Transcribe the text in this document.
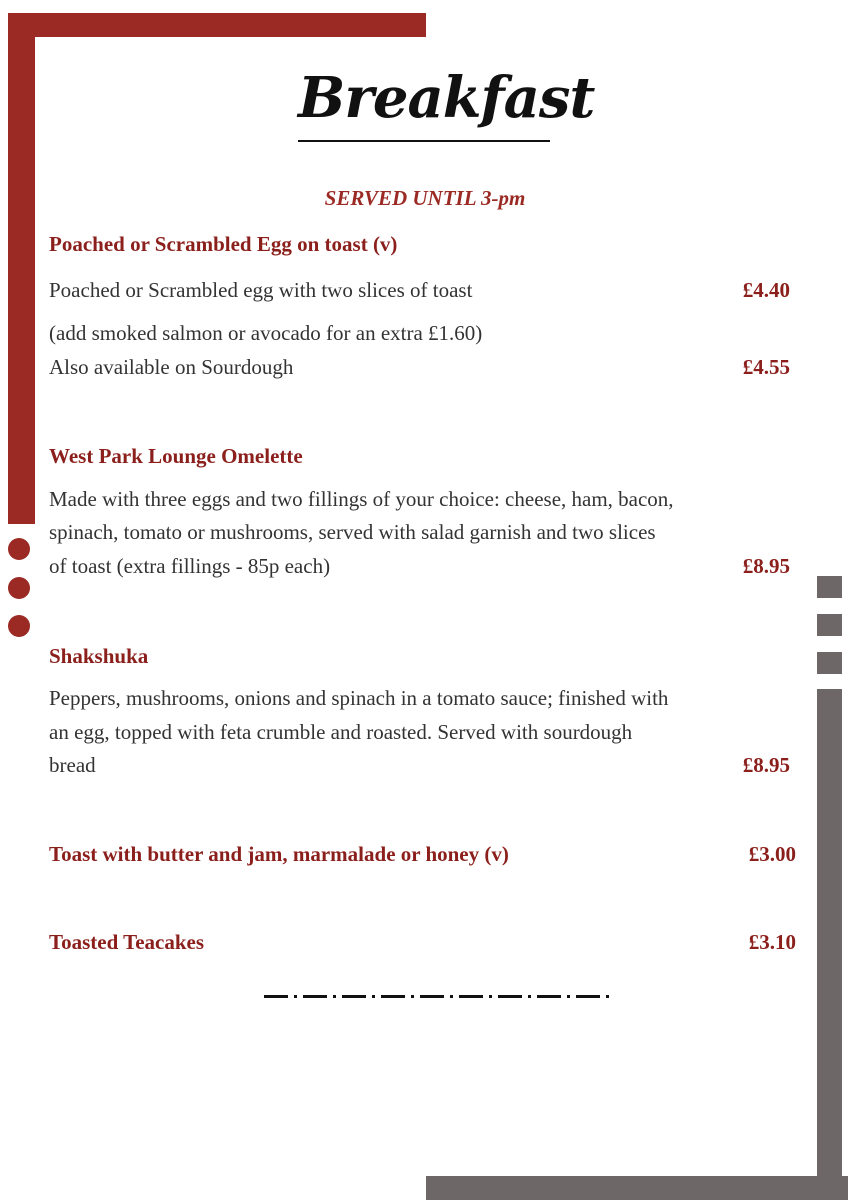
Breakfast
SERVED UNTIL 3-pm
Poached or Scrambled Egg on toast (v)
Poached or Scrambled egg with two slices of toast	£4.40
(add smoked salmon or avocado for an extra £1.60)
Also available on Sourdough	£4.55
West Park Lounge Omelette
Made with three eggs and two fillings of your choice: cheese, ham, bacon,
spinach, tomato or mushrooms, served with salad garnish and two slices
of toast (extra fillings - 85p each)	£8.95
Shakshuka
Peppers, mushrooms, onions and spinach in a tomato sauce; finished with
an egg, topped with feta crumble and roasted. Served with sourdough
bread	£8.95
Toast with butter and jam, marmalade or honey (v)	£3.00
Toasted Teacakes	£3.10
